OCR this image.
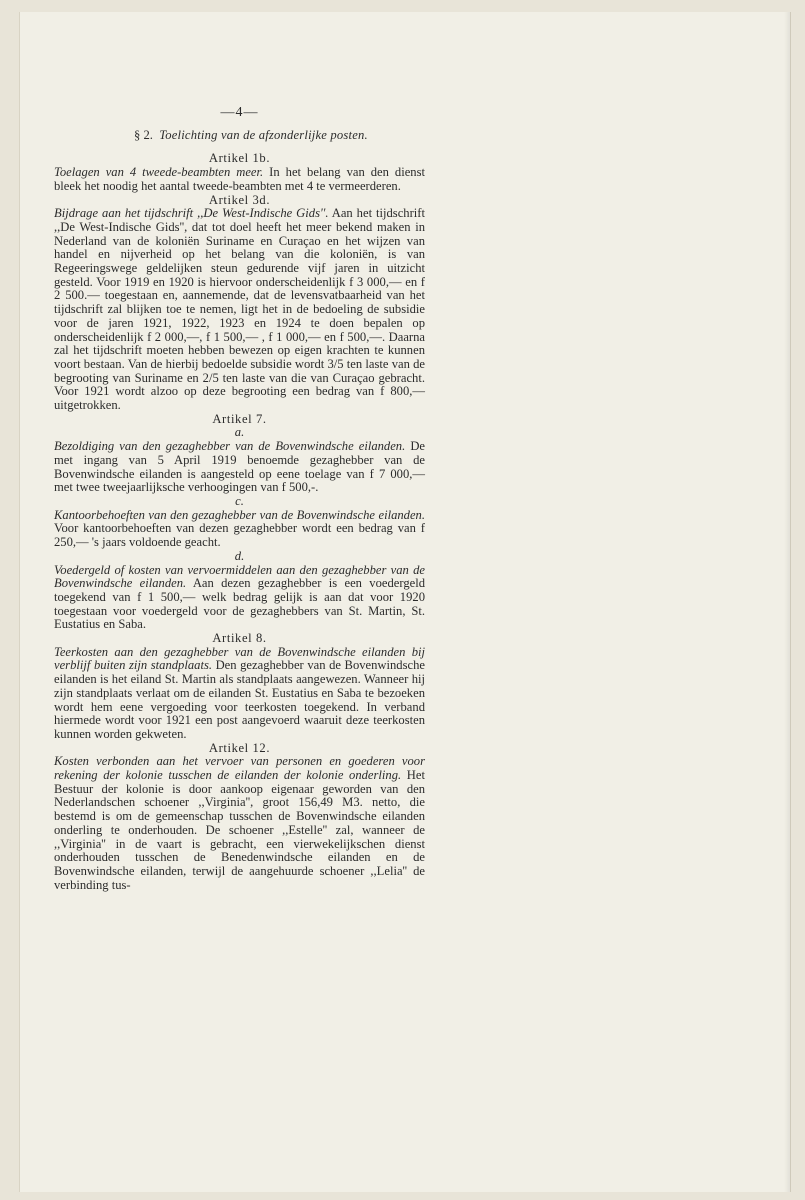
—4—
§ 2. Toelichting van de afzonderlijke posten.

Artikel 1b.

Toelagen van 4 tweede-beambten meer. In het belang van den dienst bleek het noodig het aantal tweede-beambten met 4 te vermeerderen.

Artikel 3d.

Bijdrage aan het tijdschrift ,,De West-Indische Gids''. Aan het tijdschrift ,,De West-Indische Gids'', dat tot doel heeft het meer bekend maken in Nederland van de koloniën Suriname en Curaçao en het wijzen van handel en nijverheid op het belang van die koloniën, is van Regeeringswege geldelijken steun gedurende vijf jaren in uitzicht gesteld. Voor 1919 en 1920 is hiervoor onderscheidenlijk f 3 000,— en f 2 500.— toegestaan en, aannemende, dat de levensvatbaarheid van het tijdschrift zal blijken toe te nemen, ligt het in de bedoeling de subsidie voor de jaren 1921, 1922, 1923 en 1924 te doen bepalen op onderscheidenlijk f 2 000,—, f 1 500,— , f 1 000,— en f 500,—. Daarna zal het tijdschrift moeten hebben bewezen op eigen krachten te kunnen voort bestaan. Van de hierbij bedoelde subsidie wordt 3/5 ten laste van de begrooting van Suriname en 2/5 ten laste van die van Curaçao gebracht. Voor 1921 wordt alzoo op deze begrooting een bedrag van f 800,— uitgetrokken.

Artikel 7.

a.

Bezoldiging van den gezaghebber van de Bovenwindsche eilanden. De met ingang van 5 April 1919 benoemde gezaghebber van de Bovenwindsche eilanden is aangesteld op eene toelage van f 7 000,— met twee tweejaarlijksche verhoogingen van f 500,-.

c.

Kantoorbehoeften van den gezaghebber van de Bovenwindsche eilanden. Voor kantoorbehoeften van dezen gezaghebber wordt een bedrag van f 250,— 's jaars voldoende geacht.

d.

Voedergeld of kosten van vervoermiddelen aan den gezaghebber van de Bovenwindsche eilanden. Aan dezen gezaghebber is een voedergeld toegekend van f 1 500,— welk bedrag gelijk is aan dat voor 1920 toegestaan voor voedergeld voor de gezaghebbers van St. Martin, St. Eustatius en Saba.

Artikel 8.

Teerkosten aan den gezaghebber van de Bovenwindsche eilanden bij verblijf buiten zijn standplaats. Den gezaghebber van de Bovenwindsche eilanden is het eiland St. Martin als standplaats aangewezen. Wanneer hij zijn standplaats verlaat om de eilanden St. Eustatius en Saba te bezoeken wordt hem eene vergoeding voor teerkosten toegekend. In verband hiermede wordt voor 1921 een post aangevoerd waaruit deze teerkosten kunnen worden gekweten.

Artikel 12.

Kosten verbonden aan het vervoer van personen en goederen voor rekening der kolonie tusschen de eilanden der kolonie onderling. Het Bestuur der kolonie is door aankoop eigenaar geworden van den Nederlandschen schoener ,,Virginia'', groot 156,49 M3. netto, die bestemd is om de gemeenschap tusschen de Bovenwindsche eilanden onderling te onderhouden. De schoener ,,Estelle'' zal, wanneer de ,,Virginia'' in de vaart is gebracht, een vierwekelijkschen dienst onderhouden tusschen de Benedenwindsche eilanden en de Bovenwindsche eilanden, terwijl de aangehuurde schoener ,,Lelia'' de verbinding tus-
